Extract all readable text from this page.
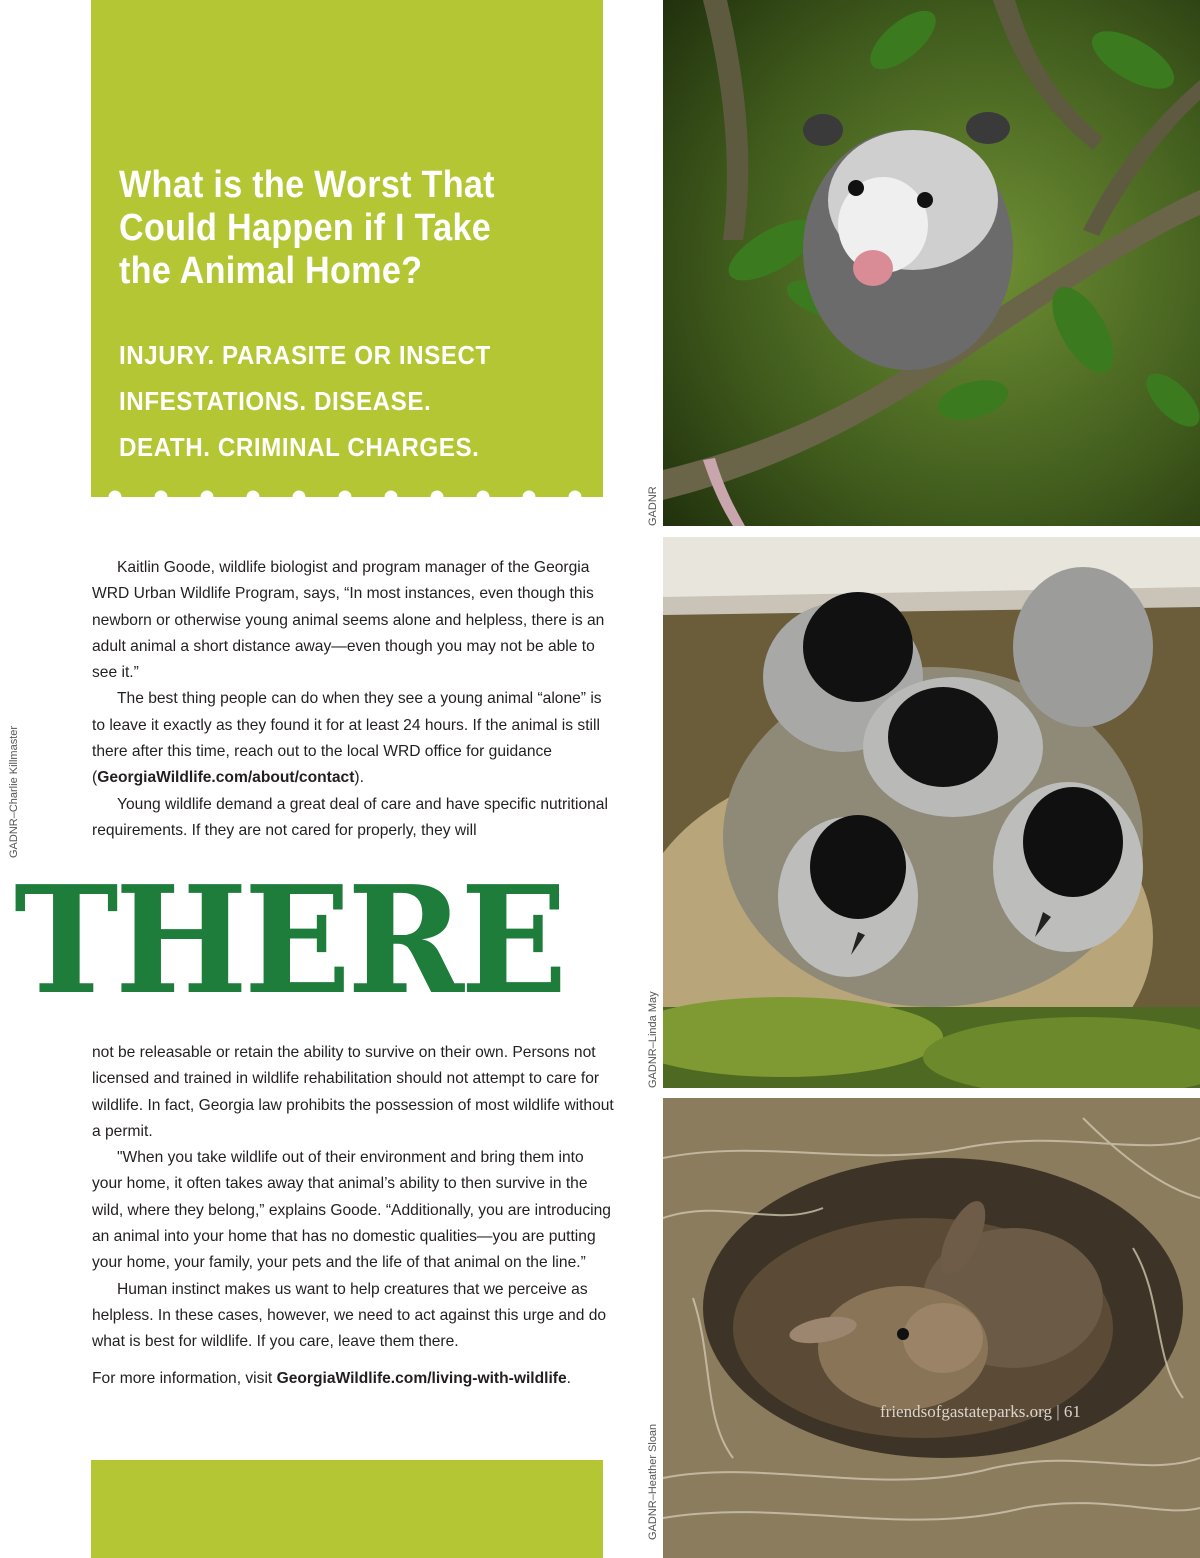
What is the Worst That Could Happen if I Take the Animal Home?
INJURY. PARASITE OR INSECT
INFESTATIONS. DISEASE.
DEATH. CRIMINAL CHARGES.

Kaitlin Goode, wildlife biologist and program manager of the Georgia WRD Urban Wildlife Program, says, “In most instances, even though this newborn or otherwise young animal seems alone and helpless, there is an adult animal a short distance away—even though you may not be able to see it.”

The best thing people can do when they see a young animal “alone” is to leave it exactly as they found it for at least 24 hours. If the animal is still there after this time, reach out to the local WRD office for guidance (GeorgiaWildlife.com/about/contact).

Young wildlife demand a great deal of care and have specific nutritional requirements. If they are not cared for properly, they will

THERE

not be releasable or retain the ability to survive on their own. Persons not licensed and trained in wildlife rehabilitation should not attempt to care for wildlife. In fact, Georgia law prohibits the possession of most wildlife without a permit.

"When you take wildlife out of their environment and bring them into your home, it often takes away that animal’s ability to then survive in the wild, where they belong,” explains Goode. “Additionally, you are introducing an animal into your home that has no domestic qualities—you are putting your home, your family, your pets and the life of that animal on the line.”

Human instinct makes us want to help creatures that we perceive as helpless. In these cases, however, we need to act against this urge and do what is best for wildlife. If you care, leave them there.

For more information, visit GeorgiaWildlife.com/living-with-wildlife.

GADNR–Charlie Killmaster
GADNR
GADNR–Linda May
GADNR–Heather Sloan
friendsofgastateparks.org | 61
